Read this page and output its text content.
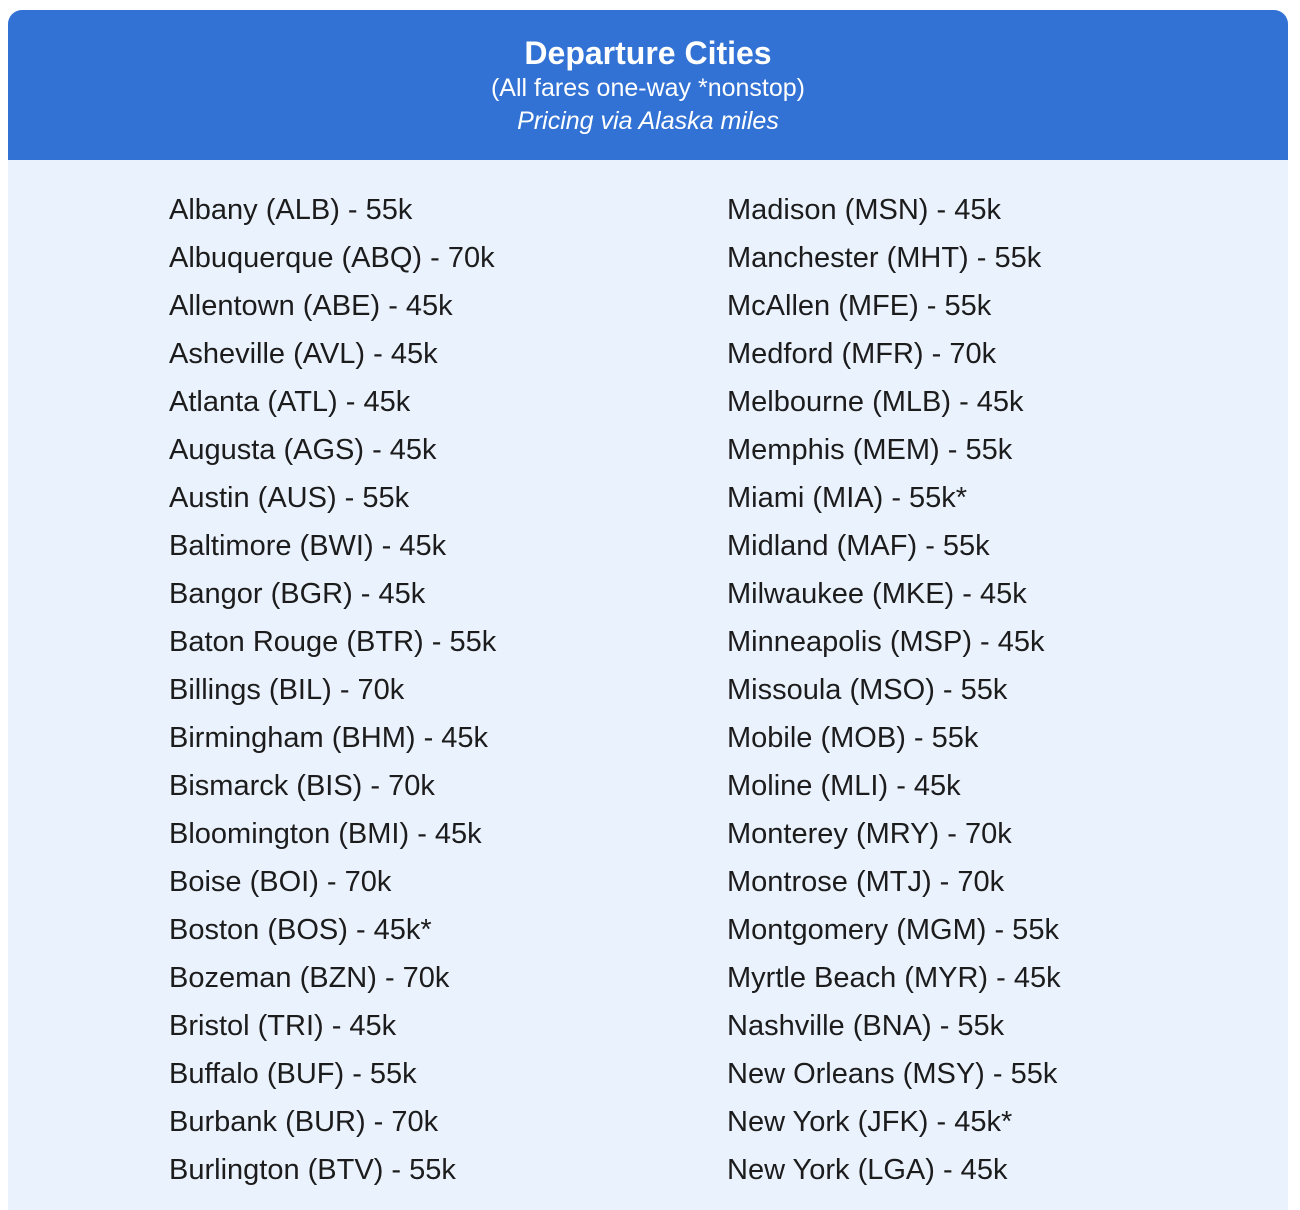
Departure Cities
(All fares one-way *nonstop)
Pricing via Alaska miles
Albany (ALB) - 55k
Albuquerque (ABQ) - 70k
Allentown (ABE) - 45k
Asheville (AVL) - 45k
Atlanta (ATL) - 45k
Augusta (AGS) - 45k
Austin (AUS) - 55k
Baltimore (BWI) - 45k
Bangor (BGR) - 45k
Baton Rouge (BTR) - 55k
Billings (BIL) - 70k
Birmingham (BHM) - 45k
Bismarck (BIS) - 70k
Bloomington (BMI) - 45k
Boise (BOI) - 70k
Boston (BOS) - 45k*
Bozeman (BZN) - 70k
Bristol (TRI) - 45k
Buffalo (BUF) - 55k
Burbank (BUR) - 70k
Burlington (BTV) - 55k
Madison (MSN) - 45k
Manchester (MHT) - 55k
McAllen (MFE) - 55k
Medford (MFR) - 70k
Melbourne (MLB) - 45k
Memphis (MEM) - 55k
Miami (MIA) - 55k*
Midland (MAF) - 55k
Milwaukee (MKE) - 45k
Minneapolis (MSP) - 45k
Missoula (MSO) - 55k
Mobile (MOB) - 55k
Moline (MLI) - 45k
Monterey (MRY) - 70k
Montrose (MTJ) - 70k
Montgomery (MGM) - 55k
Myrtle Beach (MYR) - 45k
Nashville (BNA) - 55k
New Orleans (MSY) - 55k
New York (JFK) - 45k*
New York (LGA) - 45k
